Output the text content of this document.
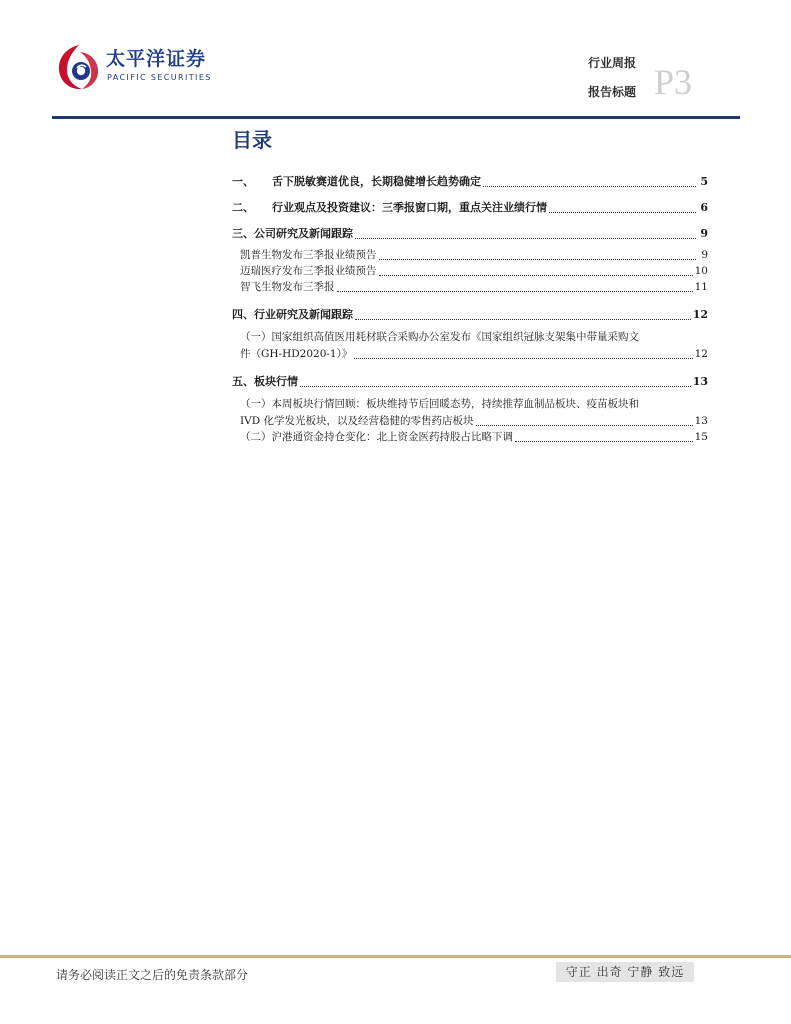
太平洋证券
PACIFIC SECURITIES
行业周报
报告标题 P3
目录
一、	舌下脱敏赛道优良，长期稳健增长趋势确定	5
二、	行业观点及投资建议：三季报窗口期，重点关注业绩行情	6
三、公司研究及新闻跟踪	9
凯普生物发布三季报业绩预告	9
迈瑞医疗发布三季报业绩预告	10
智飞生物发布三季报	11
四、行业研究及新闻跟踪	12
（一）国家组织高值医用耗材联合采购办公室发布《国家组织冠脉支架集中带量采购文
件（GH-HD2020-1）》	12
五、板块行情	13
（一）本周板块行情回顾：板块维持节后回暖态势，持续推荐血制品板块、疫苗板块和
IVD 化学发光板块，以及经营稳健的零售药店板块	13
（二）沪港通资金持仓变化：北上资金医药持股占比略下调	15
请务必阅读正文之后的免责条款部分	守正 出奇 宁静 致远
